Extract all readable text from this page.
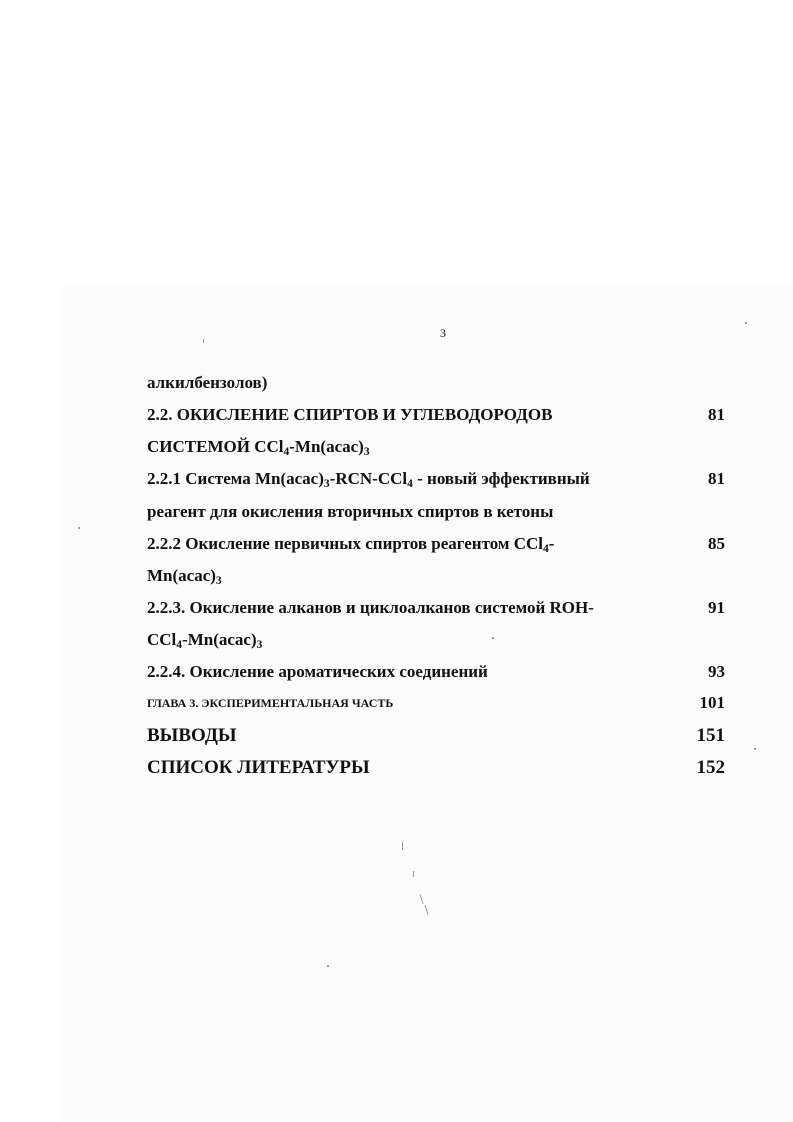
3
алкилбензолов)
2.2. ОКИСЛЕНИЕ СПИРТОВ И УГЛЕВОДОРОДОВ	81
СИСТЕМОЙ $CCl_4-Mn(acac)_3$
2.2.1 Система $Mn(acac)_3-RCN-CCl_4$ - новый эффективный	81
реагент для окисления вторичных спиртов в кетоны
2.2.2 Окисление первичных спиртов реагентом CCl$_4$-	85
$Mn(acac)_3$
2.2.3. Окисление алканов и циклоалканов системой ROH-	91
$CCl_4-Mn(acac)_3$
2.2.4. Окисление ароматических соединений	93
ГЛАВА 3. ЭКСПЕРИМЕНТАЛЬНАЯ ЧАСТЬ	101
ВЫВОДЫ	151
СПИСОК ЛИТЕРАТУРЫ	152
